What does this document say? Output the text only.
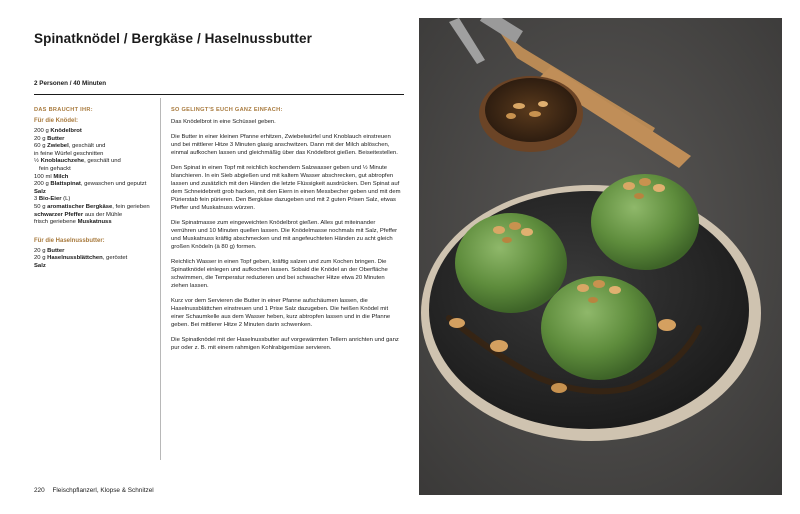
Spinatknödel / Bergkäse / Haselnussbutter
2 Personen / 40 Minuten
DAS BRAUCHT IHR:
Für die Knödel:
200 g Knödelbrot
20 g Butter
60 g Zwiebel, geschält und
in feine Würfel geschnitten
½ Knoblauchzehe, geschält und
fein gehackt
100 ml Milch
200 g Blattspinat, gewaschen und geputzt
Salz
3 Bio-Eier (L)
50 g aromatischer Bergkäse, fein gerieben
schwarzer Pfeffer aus der Mühle
frisch geriebene Muskatnuss
Für die Haselnussbutter:
20 g Butter
20 g Haselnussblättchen, geröstet
Salz
SO GELINGT'S EUCH GANZ EINFACH:

Das Knödelbrot in eine Schüssel geben.

Die Butter in einer kleinen Pfanne erhitzen, Zwiebelwürfel und Knoblauch einstreuen und bei mittlerer Hitze 3 Minuten glasig anschwitzen. Dann mit der Milch ablöschen, einmal aufkochen lassen und gleichmäßig über das Knödelbrot gießen. Beiseitestellen.

Den Spinat in einen Topf mit reichlich kochendem Salzwasser geben und ½ Minute blanchieren. In ein Sieb abgießen und mit kaltem Wasser abschrecken, gut abtropfen lassen und zusätzlich mit den Händen die letzte Flüssigkeit ausdrücken. Den Spinat auf dem Schneidebrett grob hacken, mit den Eiern in einen Messbecher geben und mit dem Pürierstab fein pürieren. Den Bergkäse dazugeben und mit 2 guten Prisen Salz, etwas Pfeffer und Muskatnuss würzen.

Die Spinatmasse zum eingeweichten Knödelbrot gießen. Alles gut miteinander verrühren und 10 Minuten quellen lassen. Die Knödelmasse nochmals mit Salz, Pfeffer und Muskatnuss kräftig abschmecken und mit angefeuchteten Händen zu acht gleich großen Knödeln (à 80 g) formen.

Reichlich Wasser in einen Topf geben, kräftig salzen und zum Kochen bringen. Die Spinatknödel einlegen und aufkochen lassen. Sobald die Knödel an der Oberfläche schwimmen, die Temperatur reduzieren und bei schwacher Hitze etwa 20 Minuten ziehen lassen.

Kurz vor dem Servieren die Butter in einer Pfanne aufschäumen lassen, die Haselnussblättchen einstreuen und 1 Prise Salz dazugeben. Die heißen Knödel mit einer Schaumkelle aus dem Wasser heben, kurz abtropfen lassen und in die Pfanne geben. Bei mittlerer Hitze 2 Minuten darin schwenken.

Die Spinatknödel mit der Haselnussbutter auf vorgewärmten Tellern anrichten und ganz pur oder z. B. mit einem rahmigen Kohlrabigemüse servieren.

220 Fleischpflanzerl, Klopse & Schnitzel
